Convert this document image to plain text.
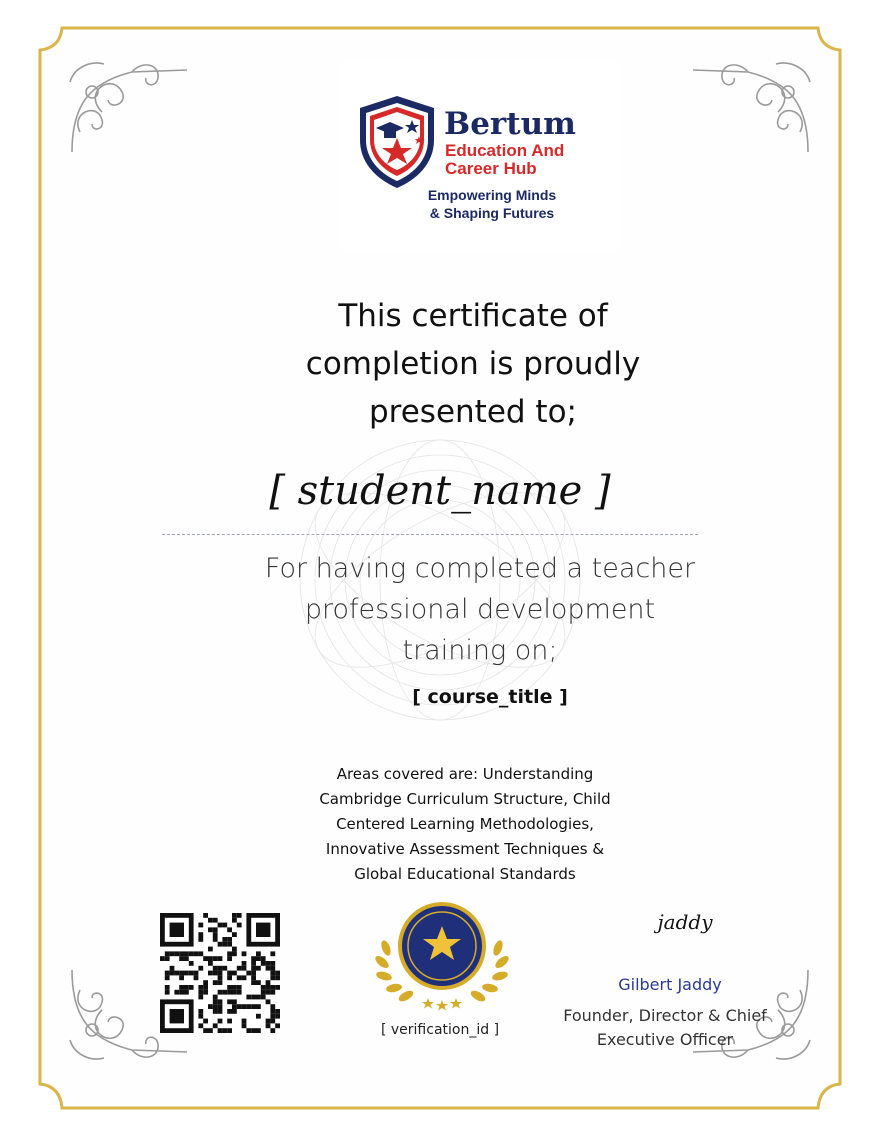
Bertum
Education And
Career Hub
Empowering Minds
& Shaping Futures
This certificate of
completion is proudly
presented to;
[ student_name ]
For having completed a teacher
professional development
training on;
[ course_title ]
Areas covered are: Understanding
Cambridge Curriculum Structure, Child
Centered Learning Methodologies,
Innovative Assessment Techniques &
Global Educational Standards
[ verification_id ]
jaddy
Gilbert Jaddy
Founder, Director & Chief
Executive Officer
